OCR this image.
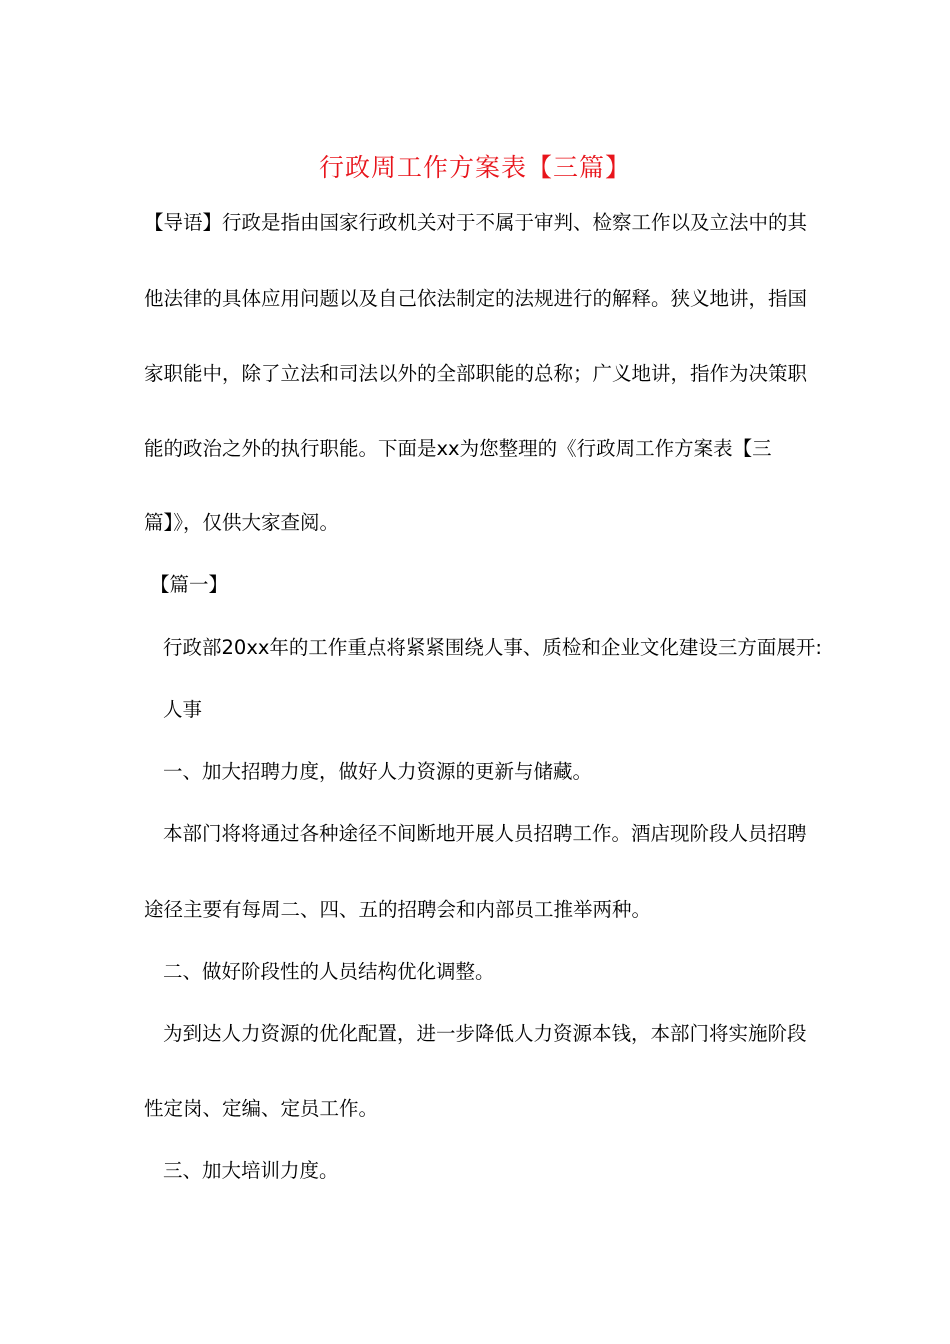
行政周工作方案表【三篇】
【导语】行政是指由国家行政机关对于不属于审判、检察工作以及立法中的其
他法律的具体应用问题以及自己依法制定的法规进行的解释。狭义地讲，指国
家职能中，除了立法和司法以外的全部职能的总称；广义地讲，指作为决策职
能的政治之外的执行职能。下面是xx为您整理的《行政周工作方案表【三
篇】》，仅供大家查阅。
【篇一】
行政部20xx年的工作重点将紧紧围绕人事、质检和企业文化建设三方面展开:
人事
一、加大招聘力度，做好人力资源的更新与储藏。
本部门将将通过各种途径不间断地开展人员招聘工作。酒店现阶段人员招聘
途径主要有每周二、四、五的招聘会和内部员工推举两种。
二、做好阶段性的人员结构优化调整。
为到达人力资源的优化配置，进一步降低人力资源本钱，本部门将实施阶段
性定岗、定编、定员工作。
三、加大培训力度。
